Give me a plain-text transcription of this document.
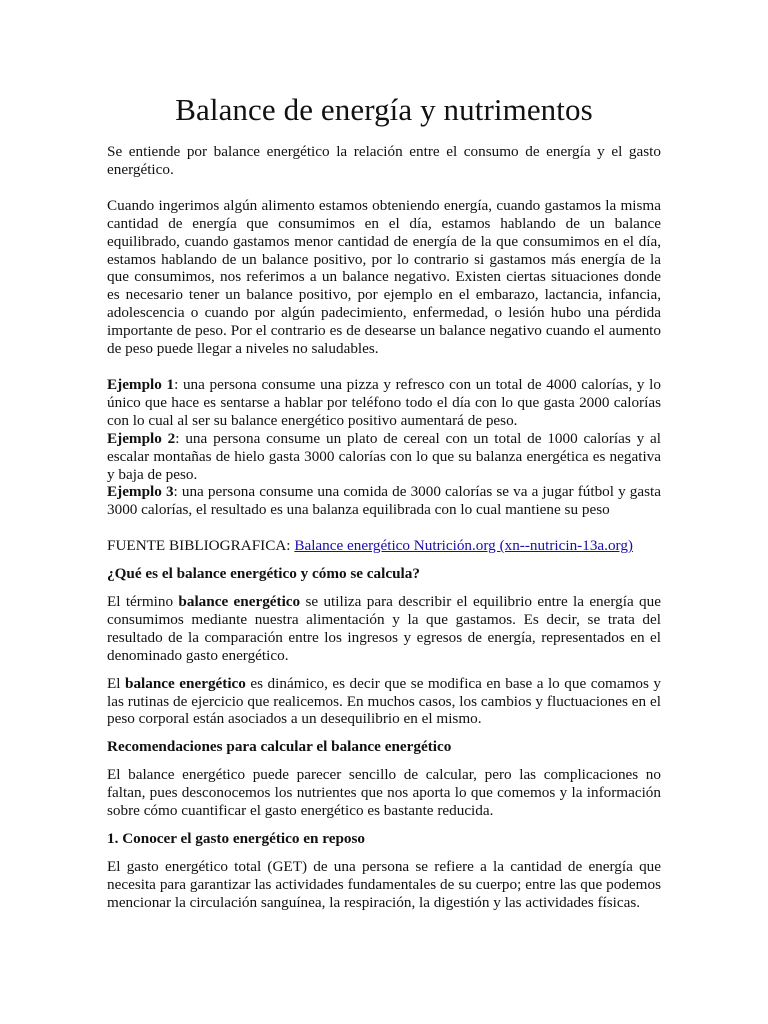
Balance de energía y nutrimentos

Se entiende por balance energético la relación entre el consumo de energía y el gasto energético.

Cuando ingerimos algún alimento estamos obteniendo energía, cuando gastamos la misma cantidad de energía que consumimos en el día, estamos hablando de un balance equilibrado, cuando gastamos menor cantidad de energía de la que consumimos en el día, estamos hablando de un balance positivo, por lo contrario si gastamos más energía de la que consumimos, nos referimos a un balance negativo. Existen ciertas situaciones donde es necesario tener un balance positivo, por ejemplo en el embarazo, lactancia, infancia, adolescencia o cuando por algún padecimiento, enfermedad, o lesión hubo una pérdida importante de peso. Por el contrario es de desearse un balance negativo cuando el aumento de peso puede llegar a niveles no saludables.

Ejemplo 1: una persona consume una pizza y refresco con un total de 4000 calorías, y lo único que hace es sentarse a hablar por teléfono todo el día con lo que gasta 2000 calorías con lo cual al ser su balance energético positivo aumentará de peso.

Ejemplo 2: una persona consume un plato de cereal con un total de 1000 calorías y al escalar montañas de hielo gasta 3000 calorías con lo que su balanza energética es negativa y baja de peso.

Ejemplo 3: una persona consume una comida de 3000 calorías se va a jugar fútbol y gasta 3000 calorías, el resultado es una balanza equilibrada con lo cual mantiene su peso

FUENTE BIBLIOGRAFICA: Balance energético Nutrición.org (xn--nutricin-13a.org)

¿Qué es el balance energético y cómo se calcula?

El término balance energético se utiliza para describir el equilibrio entre la energía que consumimos mediante nuestra alimentación y la que gastamos. Es decir, se trata del resultado de la comparación entre los ingresos y egresos de energía, representados en el denominado gasto energético.

El balance energético es dinámico, es decir que se modifica en base a lo que comamos y las rutinas de ejercicio que realicemos. En muchos casos, los cambios y fluctuaciones en el peso corporal están asociados a un desequilibrio en el mismo.

Recomendaciones para calcular el balance energético

El balance energético puede parecer sencillo de calcular, pero las complicaciones no faltan, pues desconocemos los nutrientes que nos aporta lo que comemos y la información sobre cómo cuantificar el gasto energético es bastante reducida.

1. Conocer el gasto energético en reposo

El gasto energético total (GET) de una persona se refiere a la cantidad de energía que necesita para garantizar las actividades fundamentales de su cuerpo; entre las que podemos mencionar la circulación sanguínea, la respiración, la digestión y las actividades físicas.
